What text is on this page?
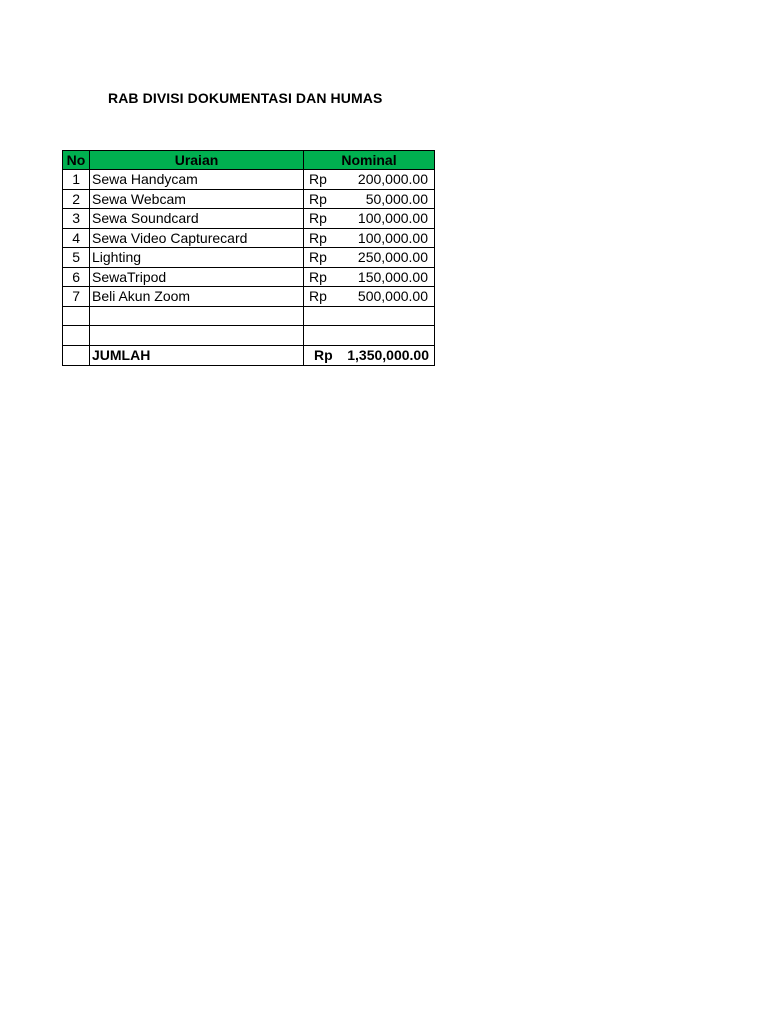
RAB DIVISI DOKUMENTASI DAN HUMAS
No	Uraian	Nominal
1	Sewa Handycam	Rp 200,000.00

2	Sewa Webcam	Rp 50,000.00

3	Sewa Soundcard	Rp 100,000.00

4	Sewa Video Capturecard	Rp 100,000.00

5	Lighting	Rp 250,000.00

6	SewaTripod	Rp 150,000.00

7	Beli Akun Zoom	Rp 500,000.00

	JUMLAH	Rp 1,350,000.00
